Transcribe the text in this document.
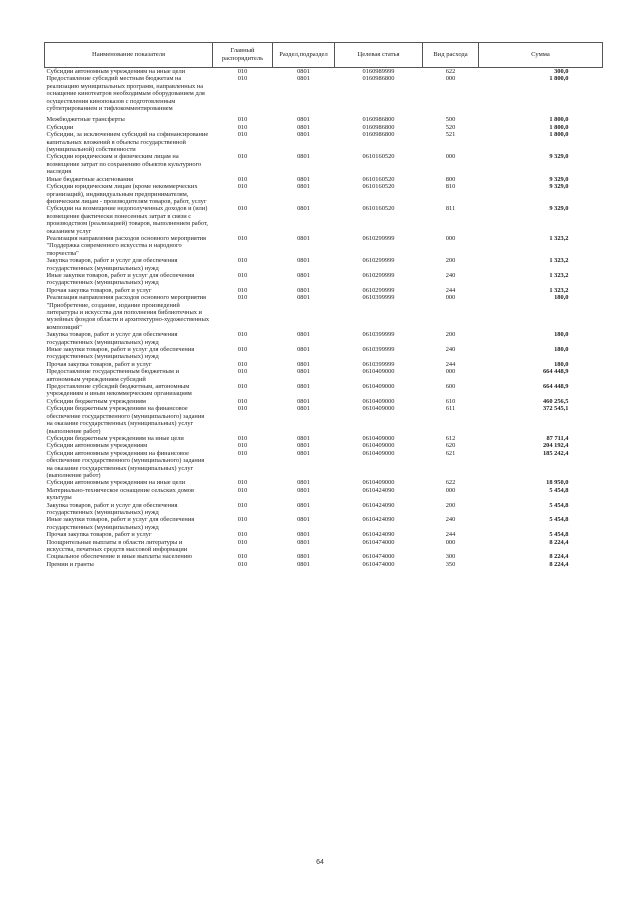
Наименование показателя	Главный распорядитель	Раздел,подраздел	Целевая статья	Вид расхода	Сумма
Субсидии автономным учреждениям на иные цели	010	0801	0160989999	622	300,0
Предоставление субсидий местным бюджетам на реализацию муниципальных программ, направленных на оснащение кинотеатров необходимым оборудованием для осуществления кинопоказов с подготовленным субтитрированием и тифлокомментированием	010	0801	0160986800	000	1 800,0
Межбюджетные трансферты	010	0801	0160986800	500	1 800,0
Субсидии	010	0801	0160986800	520	1 800,0
Субсидии, за исключением субсидий на софинансирование капитальных вложений в объекты государственной (муниципальной) собственности	010	0801	0160986800	521	1 800,0
Субсидии юридическим и физическим лицам на возмещение затрат по сохранению объектов культурного наследия	010	0801	0610160520	000	9 329,0
Иные бюджетные ассигнования	010	0801	0610160520	800	9 329,0
Субсидии юридическим лицам (кроме некоммерческих организаций), индивидуальным предпринимателям, физическим лицам - производителям товаров, работ, услуг	010	0801	0610160520	810	9 329,0
Субсидии на возмещение недополученных доходов и (или) возмещение фактически понесенных затрат в связи с производством (реализацией) товаров, выполнением работ, оказанием услуг	010	0801	0610160520	811	9 329,0
Реализация направления расходов основного мероприятия "Поддержка современного искусства и народного творчества"	010	0801	0610299999	000	1 323,2
Закупка товаров, работ и услуг для обеспечения государственных (муниципальных) нужд	010	0801	0610299999	200	1 323,2
Иные закупки товаров, работ и услуг для обеспечения государственных (муниципальных) нужд	010	0801	0610299999	240	1 323,2
Прочая закупка товаров, работ и услуг	010	0801	0610299999	244	1 323,2
Реализация направления расходов основного мероприятия "Приобретение, создание, издание произведений литературы и искусства для пополнения библиотечных и музейных фондов области и архитектурно-художественных композиций"	010	0801	0610399999	000	180,0
Закупка товаров, работ и услуг для обеспечения государственных (муниципальных) нужд	010	0801	0610399999	200	180,0
Иные закупки товаров, работ и услуг для обеспечения государственных (муниципальных) нужд	010	0801	0610399999	240	180,0
Прочая закупка товаров, работ и услуг	010	0801	0610399999	244	180,0
Предоставление государственным бюджетным и автономным учреждениям субсидий	010	0801	0610409000	000	664 448,9
Предоставление субсидий бюджетным, автономным учреждениям и иным некоммерческим организациям	010	0801	0610409000	600	664 448,9
Субсидии бюджетным учреждениям	010	0801	0610409000	610	460 256,5
Субсидии бюджетным учреждениям на финансовое обеспечение государственного (муниципального) задания на оказание государственных (муниципальных) услуг (выполнение работ)	010	0801	0610409000	611	372 545,1
Субсидии бюджетным учреждениям на иные цели	010	0801	0610409000	612	87 711,4
Субсидии автономным учреждениям	010	0801	0610409000	620	204 192,4
Субсидии автономным учреждениям на финансовое обеспечение государственного (муниципального) задания на оказание государственных (муниципальных) услуг (выполнение работ)	010	0801	0610409000	621	185 242,4
Субсидии автономным учреждениям на иные цели	010	0801	0610409000	622	18 950,0
Материально-техническое оснащение сельских домов культуры	010	0801	0610424090	000	5 454,8
Закупка товаров, работ и услуг для обеспечения государственных (муниципальных) нужд	010	0801	0610424090	200	5 454,8
Иные закупки товаров, работ и услуг для обеспечения государственных (муниципальных) нужд	010	0801	0610424090	240	5 454,8
Прочая закупка товаров, работ и услуг	010	0801	0610424090	244	5 454,8
Поощрительные выплаты в области литературы и искусства, печатных средств массовой информации	010	0801	0610474000	000	8 224,4
Социальное обеспечение и иные выплаты населению	010	0801	0610474000	300	8 224,4
Премии и гранты	010	0801	0610474000	350	8 224,4
64
